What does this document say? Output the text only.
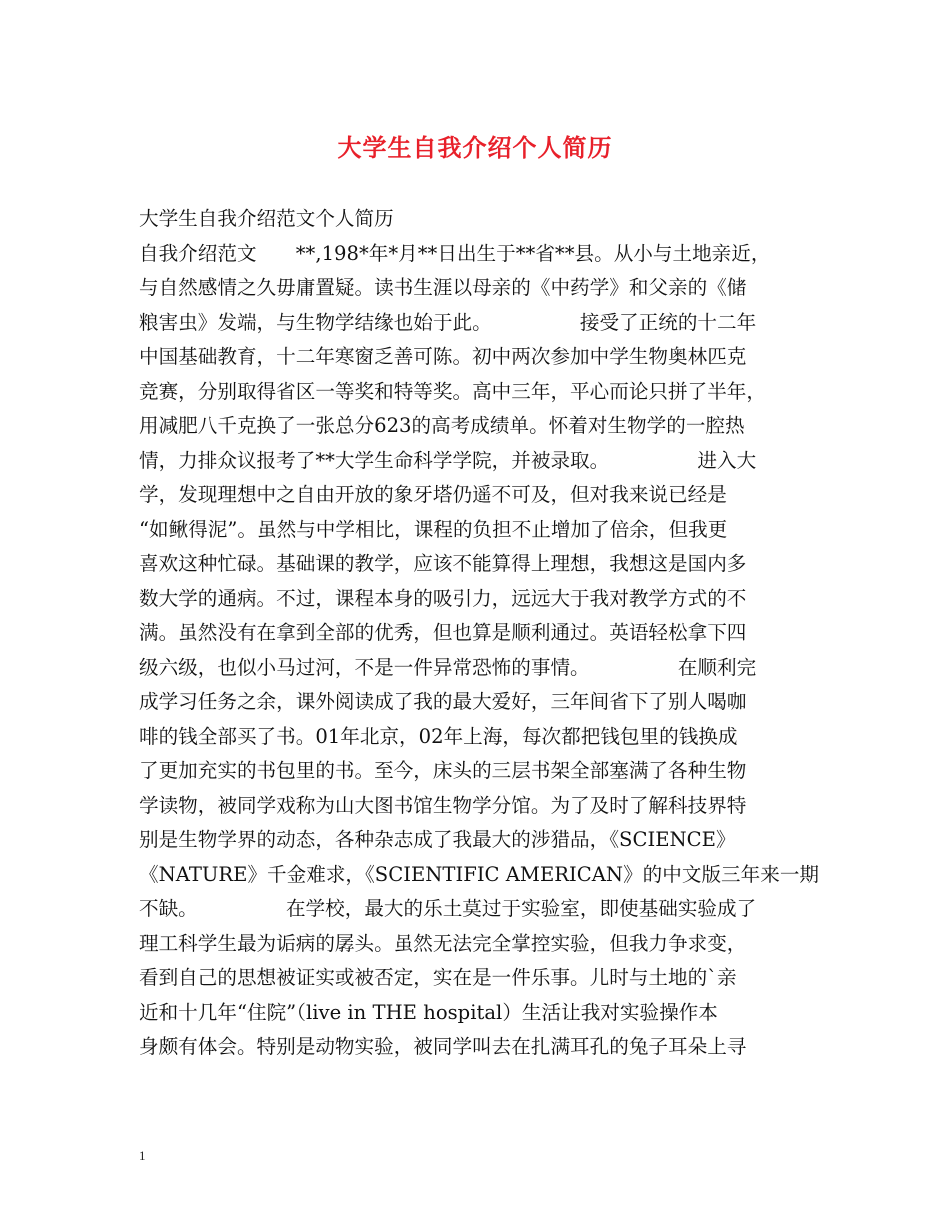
大学生自我介绍个人简历
大学生自我介绍范文个人简历
自我介绍范文　　**,198*年*月**日出生于**省**县。从小与土地亲近，
与自然感情之久毋庸置疑。读书生涯以母亲的《中药学》和父亲的《储
粮害虫》发端，与生物学结缘也始于此。　　　　　接受了正统的十二年
中国基础教育，十二年寒窗乏善可陈。初中两次参加中学生物奥林匹克
竞赛，分别取得省区一等奖和特等奖。高中三年，平心而论只拼了半年，
用减肥八千克换了一张总分623的高考成绩单。怀着对生物学的一腔热
情，力排众议报考了**大学生命科学学院，并被录取。　　　　　进入大
学，发现理想中之自由开放的象牙塔仍遥不可及，但对我来说已经是
“如鳅得泥”。虽然与中学相比，课程的负担不止增加了倍余，但我更
喜欢这种忙碌。基础课的教学，应该不能算得上理想，我想这是国内多
数大学的通病。不过，课程本身的吸引力，远远大于我对教学方式的不
满。虽然没有在拿到全部的优秀，但也算是顺利通过。英语轻松拿下四
级六级，也似小马过河，不是一件异常恐怖的事情。　　　　　在顺利完
成学习任务之余，课外阅读成了我的最大爱好，三年间省下了别人喝咖
啡的钱全部买了书。01年北京，02年上海，每次都把钱包里的钱换成
了更加充实的书包里的书。至今，床头的三层书架全部塞满了各种生物
学读物，被同学戏称为山大图书馆生物学分馆。为了及时了解科技界特
别是生物学界的动态，各种杂志成了我最大的涉猎品，《SCIENCE》
《NATURE》千金难求，《SCIENTIFIC AMERICAN》的中文版三年来一期
不缺。　　　　　在学校，最大的乐土莫过于实验室，即使基础实验成了
理工科学生最为诟病的孱头。虽然无法完全掌控实验，但我力争求变，
看到自己的思想被证实或被否定，实在是一件乐事。儿时与土地的`亲
近和十几年“住院”（live in THE hospital）生活让我对实验操作本
身颇有体会。特别是动物实验，被同学叫去在扎满耳孔的兔子耳朵上寻
1
